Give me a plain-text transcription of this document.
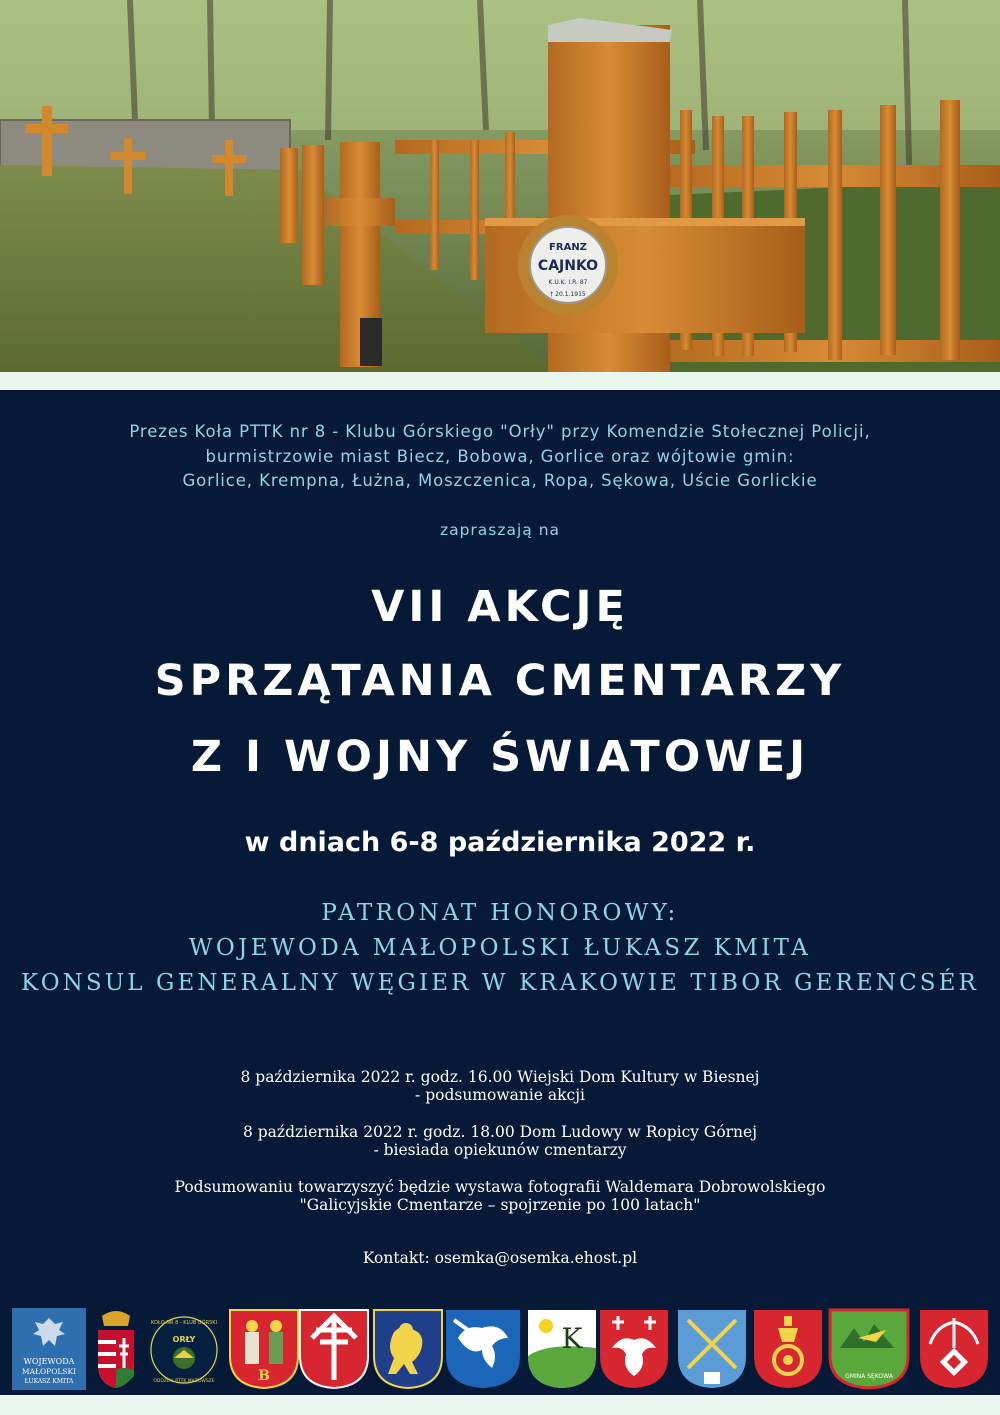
FRANZ
CAJNKO
K.U.K. I.R. 87
† 20.1.1915
Prezes Koła PTTK nr 8 - Klubu Górskiego "Orły" przy Komendzie Stołecznej Policji,
burmistrzowie miast Biecz, Bobowa, Gorlice oraz wójtowie gmin:
Gorlice, Krempna, Łużna, Moszczenica, Ropa, Sękowa, Uście Gorlickie
zapraszają na
VII AKCJĘ
SPRZĄTANIA CMENTARZY
Z I WOJNY ŚWIATOWEJ
w dniach 6-8 października 2022 r.
PATRONAT HONOROWY:
WOJEWODA MAŁOPOLSKI ŁUKASZ KMITA
KONSUL GENERALNY WĘGIER W KRAKOWIE TIBOR GERENCSÉR
8 października 2022 r. godz. 16.00 Wiejski Dom Kultury w Biesnej
- podsumowanie akcji
8 października 2022 r. godz. 18.00 Dom Ludowy w Ropicy Górnej
- biesiada opiekunów cmentarzy
Podsumowaniu towarzyszyć będzie wystawa fotografii Waldemara Dobrowolskiego
"Galicyjskie Cmentarze – spojrzenie po 100 latach"
Kontakt: osemka@osemka.ehost.pl
WOJEWODA
MAŁOPOLSKI
ŁUKASZ KMITA
KOŁO NR 8 - KLUB GÓRSKI
ORŁY
ODDZIAŁ PTTK MAZOWSZE	B
K
GMINA SĘKOWA
